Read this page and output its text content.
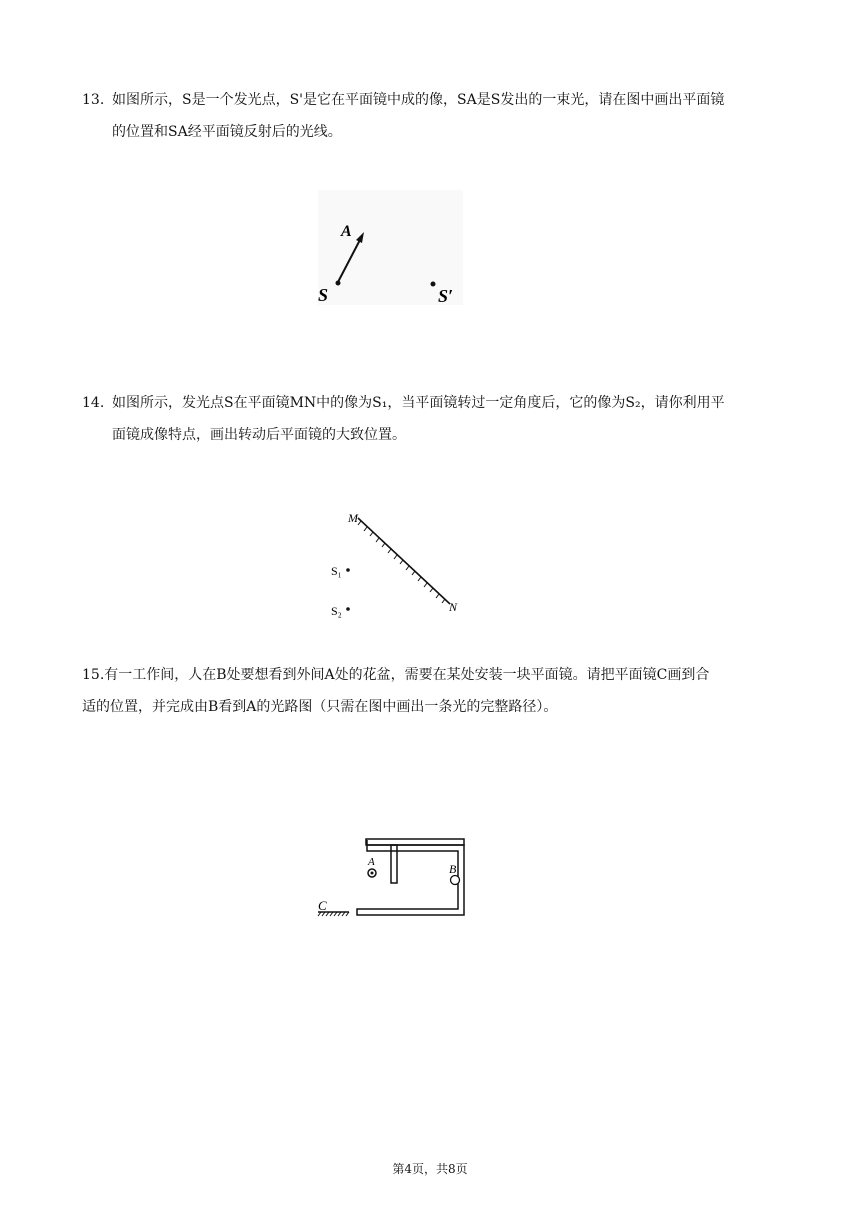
13. 如图所示，S是一个发光点，S'是它在平面镜中成的像，SA是S发出的一束光，请在图中画出平面镜
的位置和SA经平面镜反射后的光线。
A
S	S′
14. 如图所示，发光点S在平面镜MN中的像为S₁，当平面镜转过一定角度后，它的像为S₂，请你利用平
面镜成像特点，画出转动后平面镜的大致位置。
M
N
S₁
S₂
15.有一工作间，人在B处要想看到外间A处的花盆，需要在某处安装一块平面镜。请把平面镜C画到合
适的位置，并完成由B看到A的光路图（只需在图中画出一条光的完整路径）。
A	B
C
第4页，共8页
